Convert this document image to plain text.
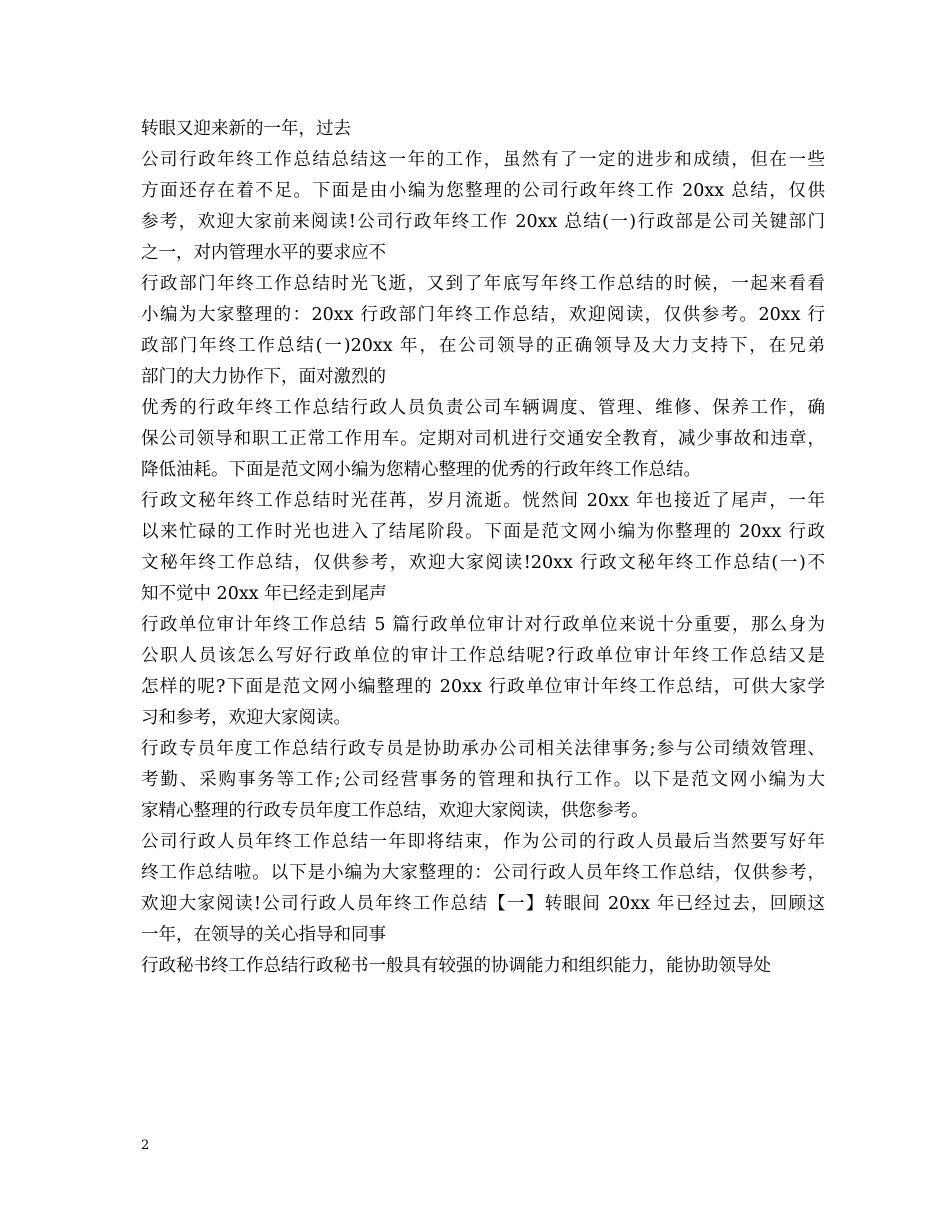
转眼又迎来新的一年，过去
公司行政年终工作总结总结这一年的工作，虽然有了一定的进步和成绩，但在一些
方面还存在着不足。下面是由小编为您整理的公司行政年终工作 20xx 总结，仅供
参考，欢迎大家前来阅读!公司行政年终工作 20xx 总结(一)行政部是公司关键部门
之一，对内管理水平的要求应不
行政部门年终工作总结时光飞逝，又到了年底写年终工作总结的时候，一起来看看
小编为大家整理的：20xx 行政部门年终工作总结，欢迎阅读，仅供参考。20xx 行
政部门年终工作总结(一)20xx 年，在公司领导的正确领导及大力支持下，在兄弟
部门的大力协作下，面对激烈的
优秀的行政年终工作总结行政人员负责公司车辆调度、管理、维修、保养工作，确
保公司领导和职工正常工作用车。定期对司机进行交通安全教育，减少事故和违章，
降低油耗。下面是范文网小编为您精心整理的优秀的行政年终工作总结。
行政文秘年终工作总结时光荏苒，岁月流逝。恍然间 20xx 年也接近了尾声，一年
以来忙碌的工作时光也进入了结尾阶段。下面是范文网小编为你整理的 20xx 行政
文秘年终工作总结，仅供参考，欢迎大家阅读!20xx 行政文秘年终工作总结(一)不
知不觉中 20xx 年已经走到尾声
行政单位审计年终工作总结 5 篇行政单位审计对行政单位来说十分重要，那么身为
公职人员该怎么写好行政单位的审计工作总结呢?行政单位审计年终工作总结又是
怎样的呢?下面是范文网小编整理的 20xx 行政单位审计年终工作总结，可供大家学
习和参考，欢迎大家阅读。
行政专员年度工作总结行政专员是协助承办公司相关法律事务;参与公司绩效管理、
考勤、采购事务等工作;公司经营事务的管理和执行工作。以下是范文网小编为大
家精心整理的行政专员年度工作总结，欢迎大家阅读，供您参考。
公司行政人员年终工作总结一年即将结束，作为公司的行政人员最后当然要写好年
终工作总结啦。以下是小编为大家整理的：公司行政人员年终工作总结，仅供参考，
欢迎大家阅读!公司行政人员年终工作总结【一】转眼间 20xx 年已经过去，回顾这
一年，在领导的关心指导和同事
行政秘书终工作总结行政秘书一般具有较强的协调能力和组织能力，能协助领导处
2
